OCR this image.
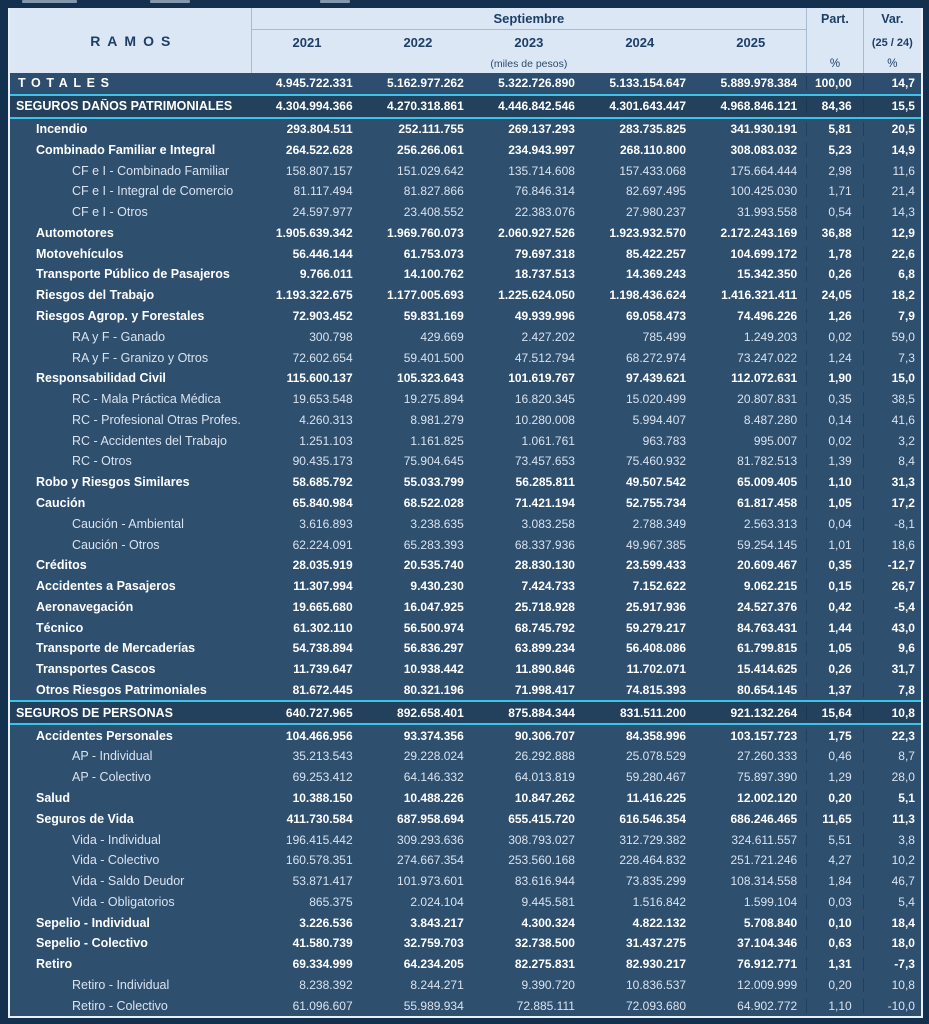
RAMOS
Septiembre
2021	2022	2023	2024	2025
(miles de pesos)
Part.
%
Var.
(25 / 24)
%
TOTALES	4.945.722.331	5.162.977.262	5.322.726.890	5.133.154.647	5.889.978.384	100,00	14,7
SEGUROS DAÑOS PATRIMONIALES	4.304.994.366	4.270.318.861	4.446.842.546	4.301.643.447	4.968.846.121	84,36	15,5
Incendio	293.804.511	252.111.755	269.137.293	283.735.825	341.930.191	5,81	20,5
Combinado Familiar e Integral	264.522.628	256.266.061	234.943.997	268.110.800	308.083.032	5,23	14,9
CF e I - Combinado Familiar	158.807.157	151.029.642	135.714.608	157.433.068	175.664.444	2,98	11,6
CF e I - Integral de Comercio	81.117.494	81.827.866	76.846.314	82.697.495	100.425.030	1,71	21,4
CF e I - Otros	24.597.977	23.408.552	22.383.076	27.980.237	31.993.558	0,54	14,3
Automotores	1.905.639.342	1.969.760.073	2.060.927.526	1.923.932.570	2.172.243.169	36,88	12,9
Motovehículos	56.446.144	61.753.073	79.697.318	85.422.257	104.699.172	1,78	22,6
Transporte Público de Pasajeros	9.766.011	14.100.762	18.737.513	14.369.243	15.342.350	0,26	6,8
Riesgos del Trabajo	1.193.322.675	1.177.005.693	1.225.624.050	1.198.436.624	1.416.321.411	24,05	18,2
Riesgos Agrop. y Forestales	72.903.452	59.831.169	49.939.996	69.058.473	74.496.226	1,26	7,9
RA y F - Ganado	300.798	429.669	2.427.202	785.499	1.249.203	0,02	59,0
RA y F - Granizo y Otros	72.602.654	59.401.500	47.512.794	68.272.974	73.247.022	1,24	7,3
Responsabilidad Civil	115.600.137	105.323.643	101.619.767	97.439.621	112.072.631	1,90	15,0
RC - Mala Práctica Médica	19.653.548	19.275.894	16.820.345	15.020.499	20.807.831	0,35	38,5
RC - Profesional Otras Profes.	4.260.313	8.981.279	10.280.008	5.994.407	8.487.280	0,14	41,6
RC - Accidentes del Trabajo	1.251.103	1.161.825	1.061.761	963.783	995.007	0,02	3,2
RC - Otros	90.435.173	75.904.645	73.457.653	75.460.932	81.782.513	1,39	8,4
Robo y Riesgos Similares	58.685.792	55.033.799	56.285.811	49.507.542	65.009.405	1,10	31,3
Caución	65.840.984	68.522.028	71.421.194	52.755.734	61.817.458	1,05	17,2
Caución - Ambiental	3.616.893	3.238.635	3.083.258	2.788.349	2.563.313	0,04	-8,1
Caución - Otros	62.224.091	65.283.393	68.337.936	49.967.385	59.254.145	1,01	18,6
Créditos	28.035.919	20.535.740	28.830.130	23.599.433	20.609.467	0,35	-12,7
Accidentes a Pasajeros	11.307.994	9.430.230	7.424.733	7.152.622	9.062.215	0,15	26,7
Aeronavegación	19.665.680	16.047.925	25.718.928	25.917.936	24.527.376	0,42	-5,4
Técnico	61.302.110	56.500.974	68.745.792	59.279.217	84.763.431	1,44	43,0
Transporte de Mercaderías	54.738.894	56.836.297	63.899.234	56.408.086	61.799.815	1,05	9,6
Transportes Cascos	11.739.647	10.938.442	11.890.846	11.702.071	15.414.625	0,26	31,7
Otros Riesgos Patrimoniales	81.672.445	80.321.196	71.998.417	74.815.393	80.654.145	1,37	7,8
SEGUROS DE PERSONAS	640.727.965	892.658.401	875.884.344	831.511.200	921.132.264	15,64	10,8
Accidentes Personales	104.466.956	93.374.356	90.306.707	84.358.996	103.157.723	1,75	22,3
AP - Individual	35.213.543	29.228.024	26.292.888	25.078.529	27.260.333	0,46	8,7
AP - Colectivo	69.253.412	64.146.332	64.013.819	59.280.467	75.897.390	1,29	28,0
Salud	10.388.150	10.488.226	10.847.262	11.416.225	12.002.120	0,20	5,1
Seguros de Vida	411.730.584	687.958.694	655.415.720	616.546.354	686.246.465	11,65	11,3
Vida - Individual	196.415.442	309.293.636	308.793.027	312.729.382	324.611.557	5,51	3,8
Vida - Colectivo	160.578.351	274.667.354	253.560.168	228.464.832	251.721.246	4,27	10,2
Vida - Saldo Deudor	53.871.417	101.973.601	83.616.944	73.835.299	108.314.558	1,84	46,7
Vida - Obligatorios	865.375	2.024.104	9.445.581	1.516.842	1.599.104	0,03	5,4
Sepelio - Individual	3.226.536	3.843.217	4.300.324	4.822.132	5.708.840	0,10	18,4
Sepelio - Colectivo	41.580.739	32.759.703	32.738.500	31.437.275	37.104.346	0,63	18,0
Retiro	69.334.999	64.234.205	82.275.831	82.930.217	76.912.771	1,31	-7,3
Retiro - Individual	8.238.392	8.244.271	9.390.720	10.836.537	12.009.999	0,20	10,8
Retiro - Colectivo	61.096.607	55.989.934	72.885.111	72.093.680	64.902.772	1,10	-10,0
